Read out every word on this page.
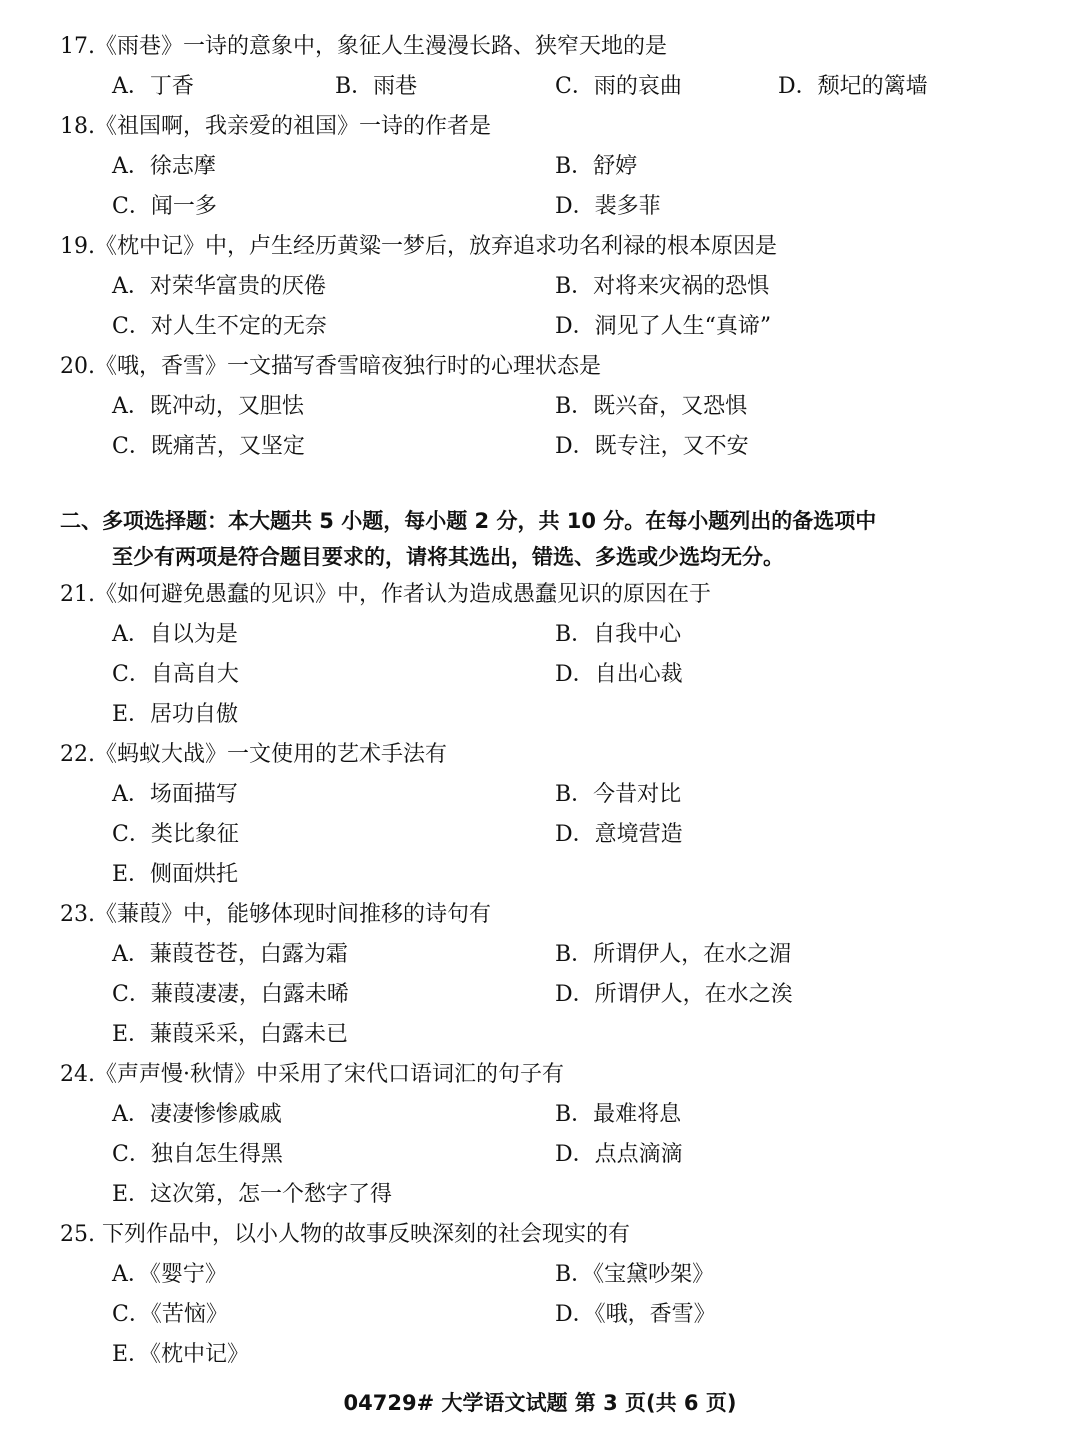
17.《雨巷》一诗的意象中，象征人生漫漫长路、狭窄天地的是
A．丁香	B．雨巷	C．雨的哀曲	D．颓圮的篱墙
18.《祖国啊，我亲爱的祖国》一诗的作者是
A．徐志摩	B．舒婷
C．闻一多	D．裴多菲
19.《枕中记》中，卢生经历黄粱一梦后，放弃追求功名利禄的根本原因是
A．对荣华富贵的厌倦	B．对将来灾祸的恐惧
C．对人生不定的无奈	D．洞见了人生“真谛”
20.《哦，香雪》一文描写香雪暗夜独行时的心理状态是
A．既冲动，又胆怯	B．既兴奋，又恐惧
C．既痛苦，又坚定	D．既专注，又不安
二、多项选择题：本大题共 5 小题，每小题 2 分，共 10 分。在每小题列出的备选项中
至少有两项是符合题目要求的，请将其选出，错选、多选或少选均无分。
21.《如何避免愚蠢的见识》中，作者认为造成愚蠢见识的原因在于
A．自以为是	B．自我中心
C．自高自大	D．自出心裁
E．居功自傲
22.《蚂蚁大战》一文使用的艺术手法有
A．场面描写	B．今昔对比
C．类比象征	D．意境营造
E．侧面烘托
23.《蒹葭》中，能够体现时间推移的诗句有
A．蒹葭苍苍，白露为霜	B．所谓伊人，在水之湄
C．蒹葭凄凄，白露未晞	D．所谓伊人，在水之涘
E．蒹葭采采，白露未已
24.《声声慢·秋情》中采用了宋代口语词汇的句子有
A．凄凄惨惨戚戚	B．最难将息
C．独自怎生得黑	D．点点滴滴
E．这次第，怎一个愁字了得
25. 下列作品中，以小人物的故事反映深刻的社会现实的有
A．《婴宁》	B．《宝黛吵架》
C．《苦恼》	D．《哦，香雪》
E．《枕中记》
04729# 大学语文试题 第 3 页(共 6 页)
